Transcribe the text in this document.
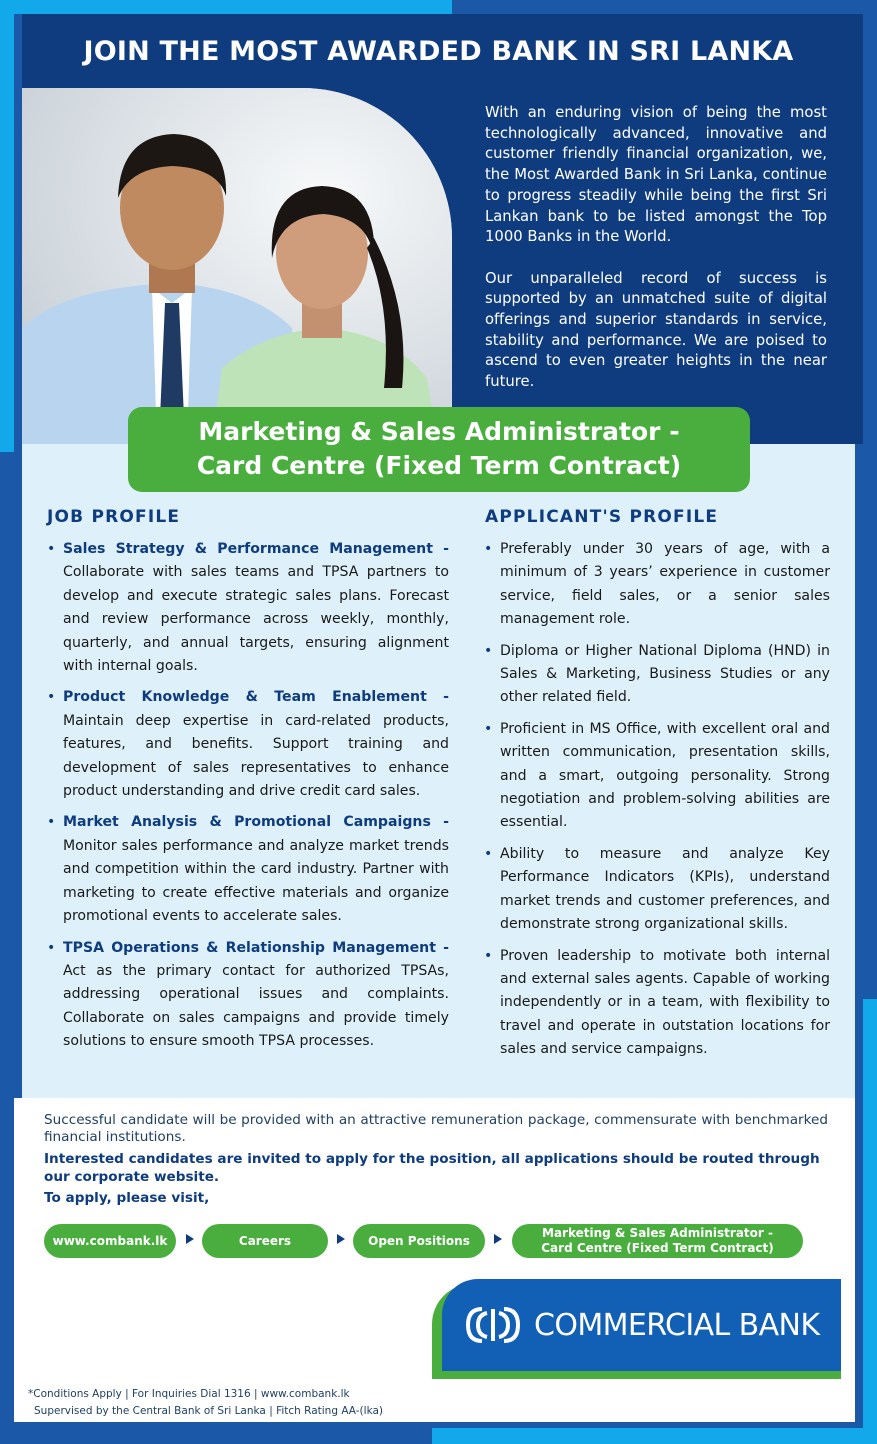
JOIN THE MOST AWARDED BANK IN SRI LANKA

With an enduring vision of being the most technologically advanced, innovative and customer friendly financial organization, we, the Most Awarded Bank in Sri Lanka, continue to progress steadily while being the first Sri Lankan bank to be listed amongst the Top 1000 Banks in the World.

Our unparalleled record of success is supported by an unmatched suite of digital offerings and superior standards in service, stability and performance. We are poised to ascend to even greater heights in the near future.

Marketing & Sales Administrator -
Card Centre (Fixed Term Contract)
JOB PROFILE	APPLICANT'S PROFILE
• Sales Strategy & Performance Management - Collaborate with sales teams and TPSA partners to develop and execute strategic sales plans. Forecast and review performance across weekly, monthly, quarterly, and annual targets, ensuring alignment with internal goals.
• Product Knowledge & Team Enablement - Maintain deep expertise in card-related products, features, and benefits. Support training and development of sales representatives to enhance product understanding and drive credit card sales.
• Market Analysis & Promotional Campaigns - Monitor sales performance and analyze market trends and competition within the card industry. Partner with marketing to create effective materials and organize promotional events to accelerate sales.
• TPSA Operations & Relationship Management - Act as the primary contact for authorized TPSAs, addressing operational issues and complaints. Collaborate on sales campaigns and provide timely solutions to ensure smooth TPSA processes.
• Preferably under 30 years of age, with a minimum of 3 years’ experience in customer service, field sales, or a senior sales management role.
• Diploma or Higher National Diploma (HND) in Sales & Marketing, Business Studies or any other related field.
• Proficient in MS Office, with excellent oral and written communication, presentation skills, and a smart, outgoing personality. Strong negotiation and problem-solving abilities are essential.
• Ability to measure and analyze Key Performance Indicators (KPIs), understand market trends and customer preferences, and demonstrate strong organizational skills.
• Proven leadership to motivate both internal and external sales agents. Capable of working independently or in a team, with flexibility to travel and operate in outstation locations for sales and service campaigns.

Successful candidate will be provided with an attractive remuneration package, commensurate with benchmarked financial institutions.

Interested candidates are invited to apply for the position, all applications should be routed through our corporate website.

To apply, please visit,

www.combank.lk	Careers	Open Positions
Marketing & Sales Administrator -
Card Centre (Fixed Term Contract)
COMMERCIAL BANK

*Conditions Apply | For Inquiries Dial 1316 | www.combank.lk

Supervised by the Central Bank of Sri Lanka | Fitch Rating AA-(lka)
